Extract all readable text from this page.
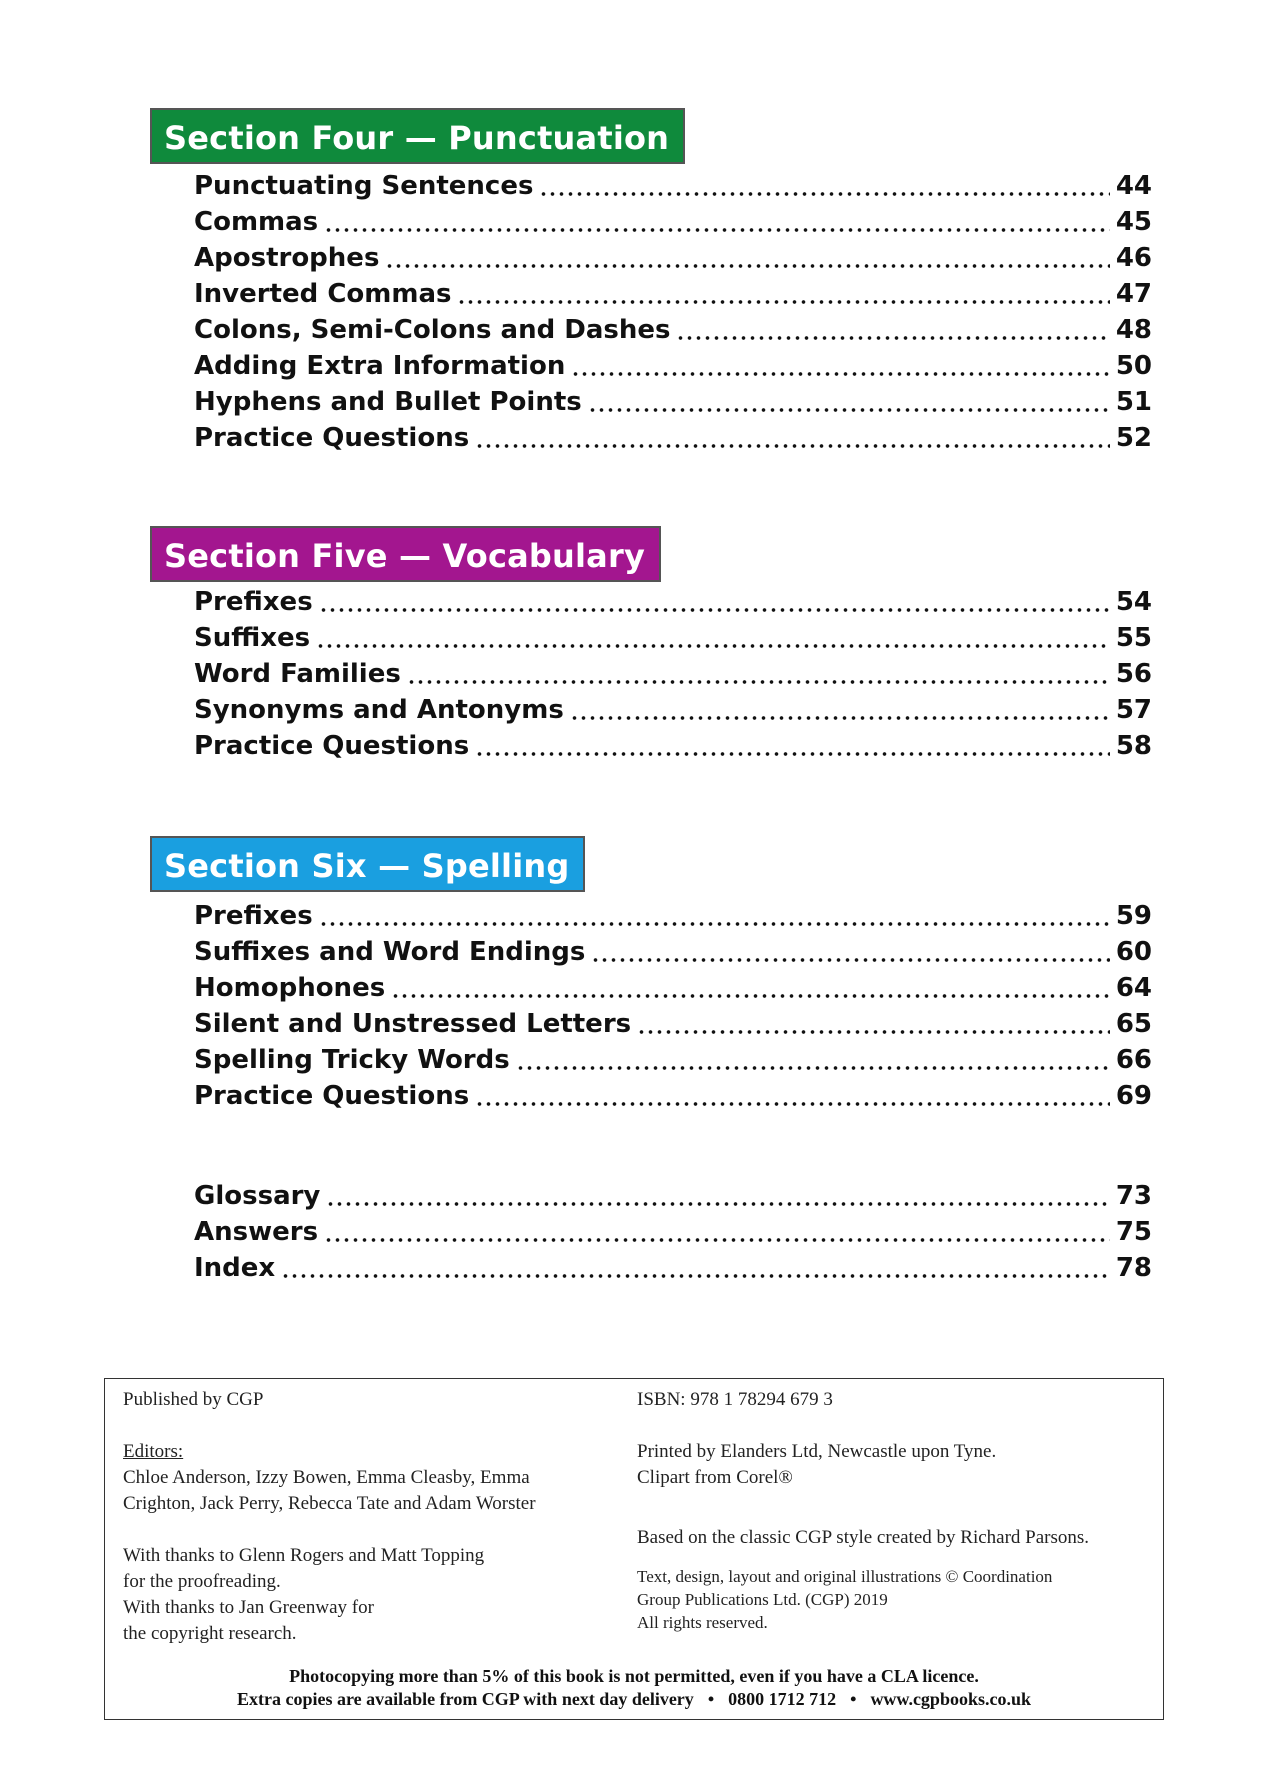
Section Four — Punctuation
Punctuating Sentences	44
Commas	45
Apostrophes	46
Inverted Commas	47
Colons, Semi-Colons and Dashes	48
Adding Extra Information	50
Hyphens and Bullet Points	51
Practice Questions	52
Section Five — Vocabulary
Prefixes	54
Suffixes	55
Word Families	56
Synonyms and Antonyms	57
Practice Questions	58
Section Six — Spelling
Prefixes	59
Suffixes and Word Endings	60
Homophones	64
Silent and Unstressed Letters	65
Spelling Tricky Words	66
Practice Questions	69
Glossary	73
Answers	75
Index	78

Published by CGP

Editors:

Chloe Anderson, Izzy Bowen, Emma Cleasby, Emma

Crighton, Jack Perry, Rebecca Tate and Adam Worster

With thanks to Glenn Rogers and Matt Topping

for the proofreading.

With thanks to Jan Greenway for

the copyright research.

ISBN: 978 1 78294 679 3

Printed by Elanders Ltd, Newcastle upon Tyne.

Clipart from Corel®

Based on the classic CGP style created by Richard Parsons.

Text, design, layout and original illustrations © Coordination

Group Publications Ltd. (CGP) 2019

All rights reserved.

Photocopying more than 5% of this book is not permitted, even if you have a CLA licence.
Extra copies are available from CGP with next day delivery • 0800 1712 712 • www.cgpbooks.co.uk
